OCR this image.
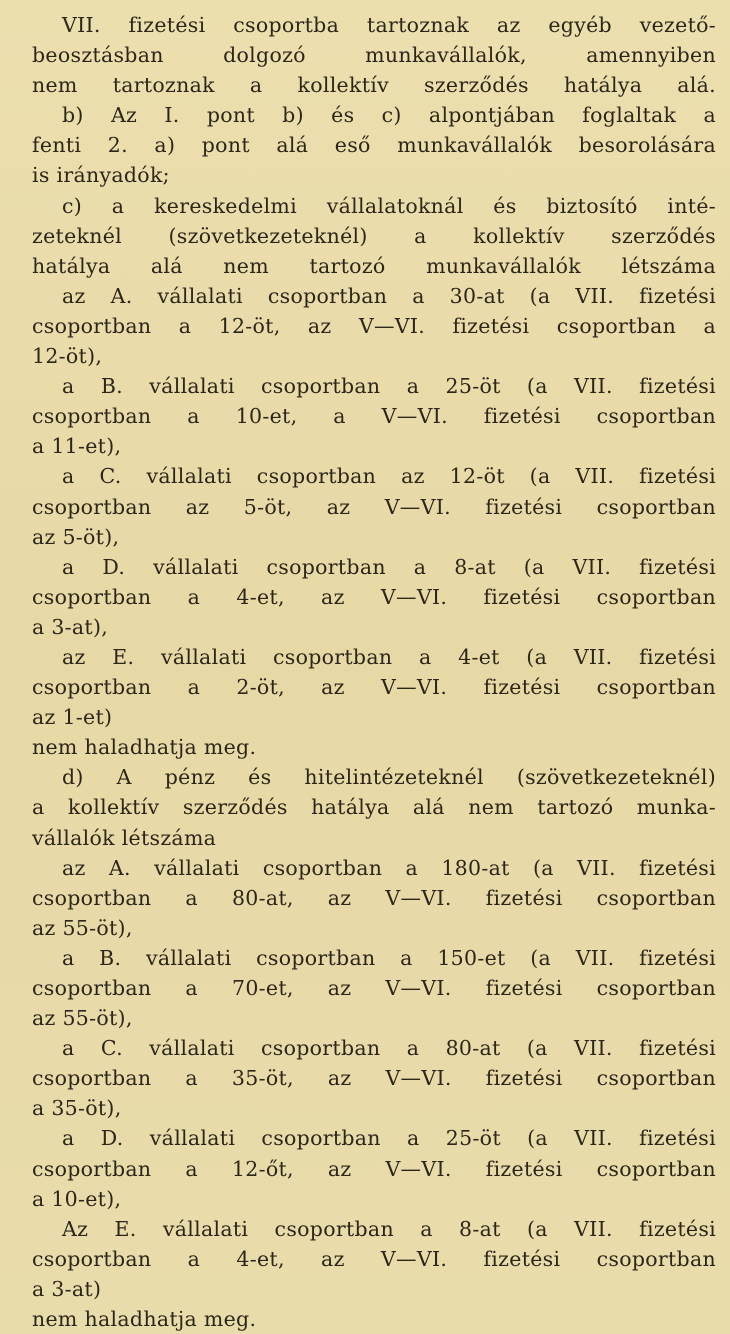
VII. fizetési csoportba tartoznak az egyéb vezető-
beosztásban dolgozó munkavállalók, amennyiben
nem tartoznak a kollektív szerződés hatálya alá.
b) Az I. pont b) és c) alpontjában foglaltak a
fenti 2. a) pont alá eső munkavállalók besorolására
is irányadók;
c) a kereskedelmi vállalatoknál és biztosító inté-
zeteknél (szövetkezeteknél) a kollektív szerződés
hatálya alá nem tartozó munkavállalók létszáma
az A. vállalati csoportban a 30-at (a VII. fizetési
csoportban a 12-öt, az V—VI. fizetési csoportban a
12-öt),
a B. vállalati csoportban a 25-öt (a VII. fizetési
csoportban a 10-et, a V—VI. fizetési csoportban
a 11-et),
a C. vállalati csoportban az 12-öt (a VII. fizetési
csoportban az 5-öt, az V—VI. fizetési csoportban
az 5-öt),
a D. vállalati csoportban a 8-at (a VII. fizetési
csoportban a 4-et, az V—VI. fizetési csoportban
a 3-at),
az E. vállalati csoportban a 4-et (a VII. fizetési
csoportban a 2-öt, az V—VI. fizetési csoportban
az 1-et)
nem haladhatja meg.
d) A pénz és hitelintézeteknél (szövetkezeteknél)
a kollektív szerződés hatálya alá nem tartozó munka-
vállalók létszáma
az A. vállalati csoportban a 180-at (a VII. fizetési
csoportban a 80-at, az V—VI. fizetési csoportban
az 55-öt),
a B. vállalati csoportban a 150-et (a VII. fizetési
csoportban a 70-et, az V—VI. fizetési csoportban
az 55-öt),
a C. vállalati csoportban a 80-at (a VII. fizetési
csoportban a 35-öt, az V—VI. fizetési csoportban
a 35-öt),
a D. vállalati csoportban a 25-öt (a VII. fizetési
csoportban a 12-őt, az V—VI. fizetési csoportban
a 10-et),
Az E. vállalati csoportban a 8-at (a VII. fizetési
csoportban a 4-et, az V—VI. fizetési csoportban
a 3-at)
nem haladhatja meg.
